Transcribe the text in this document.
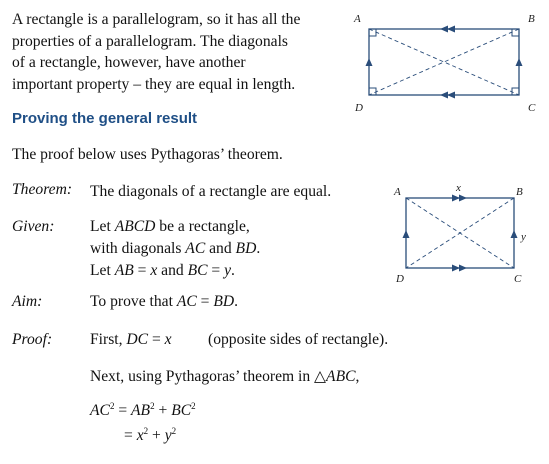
A rectangle is a parallelogram, so it has all the
properties of a parallelogram. The diagonals
of a rectangle, however, have another
important property – they are equal in length.
A	B
C
D
Proving the general result
The proof below uses Pythagoras’ theorem.
Theorem: The diagonals of a rectangle are equal.	A	B
C
D
x
y
Given: Let ABCD be a rectangle,
with diagonals AC and BD.
Let AB = x and BC = y.
Aim:	To prove that AC = BD.
Proof: First, DC = x (opposite sides of rectangle).
Next, using Pythagoras’ theorem in △ABC,
$AC^2 = AB^2 + BC^2$
= $x^2 + y^2$
